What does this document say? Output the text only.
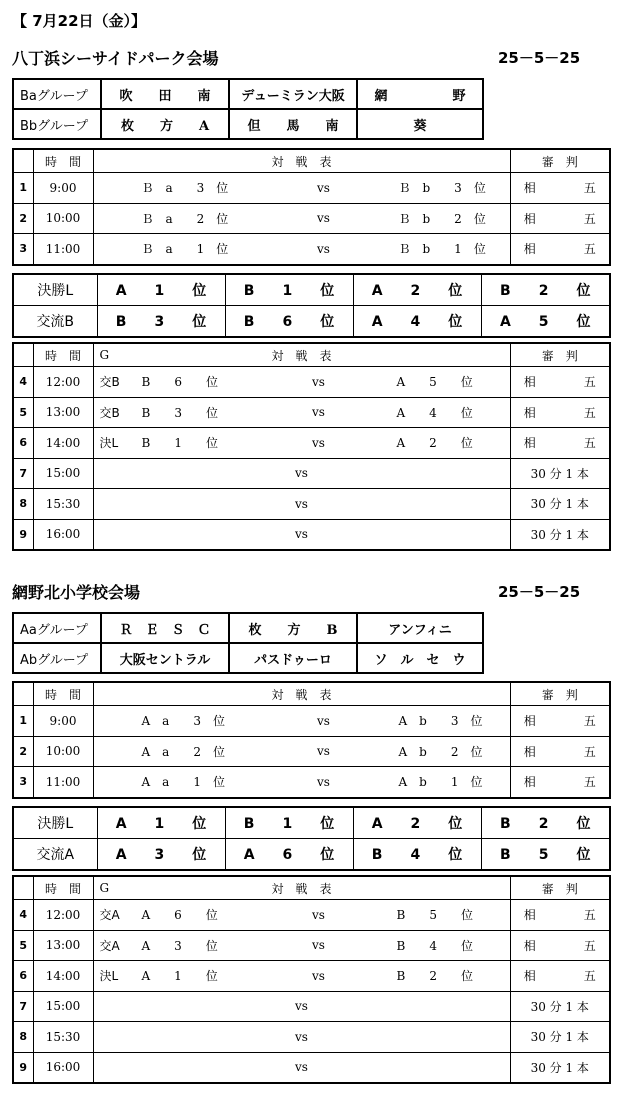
【 7月22日（金）】
八丁浜シーサイドパーク会場	25－5－25
Baグループ	吹　　田　　南	デューミラン大阪	網　　　　　野
Bbグループ	枚　　方　　A	但　　馬　　南	葵
	時　間	対　戦　表	審　判
1	9:00	Ｂ　a　　3　位 vs Ｂ　b　　3　位	相　　　　五
2	10:00	Ｂ　a　　2　位 vs Ｂ　b　　2　位	相　　　　五
3	11:00	Ｂ　a　　1　位 vs Ｂ　b　　1　位	相　　　　五
決勝L	A　　1　　位	B　　1　　位	A　　2　　位	B　　2　　位
交流B	B　　3　　位	B　　6　　位	A　　4　　位	A　　5　　位
	時　間	G 対　戦　表	審　判
4	12:00	交B B　　6　　位 vs A　　5　　位	相　　　　五
5	13:00	交B B　　3　　位 vs A　　4　　位	相　　　　五
6	14:00	決L B　　1　　位 vs A　　2　　位	相　　　　五
7	15:00	vs	30 分 1 本
8	15:30	vs	30 分 1 本
9	16:00	vs	30 分 1 本
網野北小学校会場	25－5－25
Aaグループ	Ｒ　Ｅ　Ｓ　Ｃ	枚　　方　　B	アンフィニ
Abグループ	大阪セントラル	パスドゥーロ	ソ　ル　セ　ウ
	時　間	対　戦　表	審　判
1	9:00	A　a　　3　位 vs A　b　　3　位	相　　　　五
2	10:00	A　a　　2　位 vs A　b　　2　位	相　　　　五
3	11:00	A　a　　1　位 vs A　b　　1　位	相　　　　五
決勝L	A　　1　　位	B　　1　　位	A　　2　　位	B　　2　　位
交流A	A　　3　　位	A　　6　　位	B　　4　　位	B　　5　　位
	時　間	G 対　戦　表	審　判
4	12:00	交A A　　6　　位 vs B　　5　　位	相　　　　五
5	13:00	交A A　　3　　位 vs B　　4　　位	相　　　　五
6	14:00	決L A　　1　　位 vs B　　2　　位	相　　　　五
7	15:00	vs	30 分 1 本
8	15:30	vs	30 分 1 本
9	16:00	vs	30 分 1 本
